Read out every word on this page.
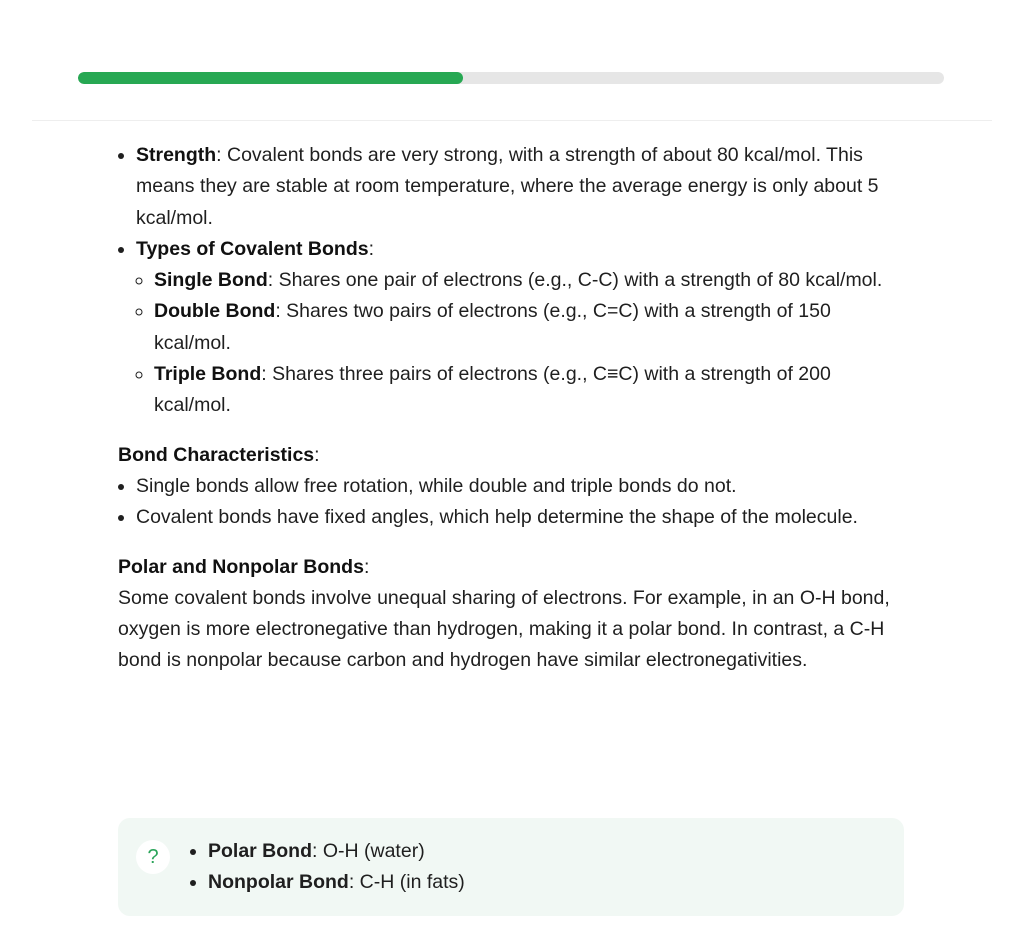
• Strength: Covalent bonds are very strong, with a strength of about 80 kcal/mol. This means they are stable at room temperature, where the average energy is only about 5 kcal/mol.
• Types of Covalent Bonds:
◦ Single Bond: Shares one pair of electrons (e.g., C-C) with a strength of 80 kcal/mol.
◦ Double Bond: Shares two pairs of electrons (e.g., C=C) with a strength of 150 kcal/mol.
◦ Triple Bond: Shares three pairs of electrons (e.g., C≡C) with a strength of 200 kcal/mol.
Bond Characteristics:
• Single bonds allow free rotation, while double and triple bonds do not.
• Covalent bonds have fixed angles, which help determine the shape of the molecule.
Polar and Nonpolar Bonds:

Some covalent bonds involve unequal sharing of electrons. For example, in an O-H bond, oxygen is more electronegative than hydrogen, making it a polar bond. In contrast, a C-H bond is nonpolar because carbon and hydrogen have similar electronegativities.

?
•	Polar Bond: O-H (water)
• Nonpolar Bond: C-H (in fats)
